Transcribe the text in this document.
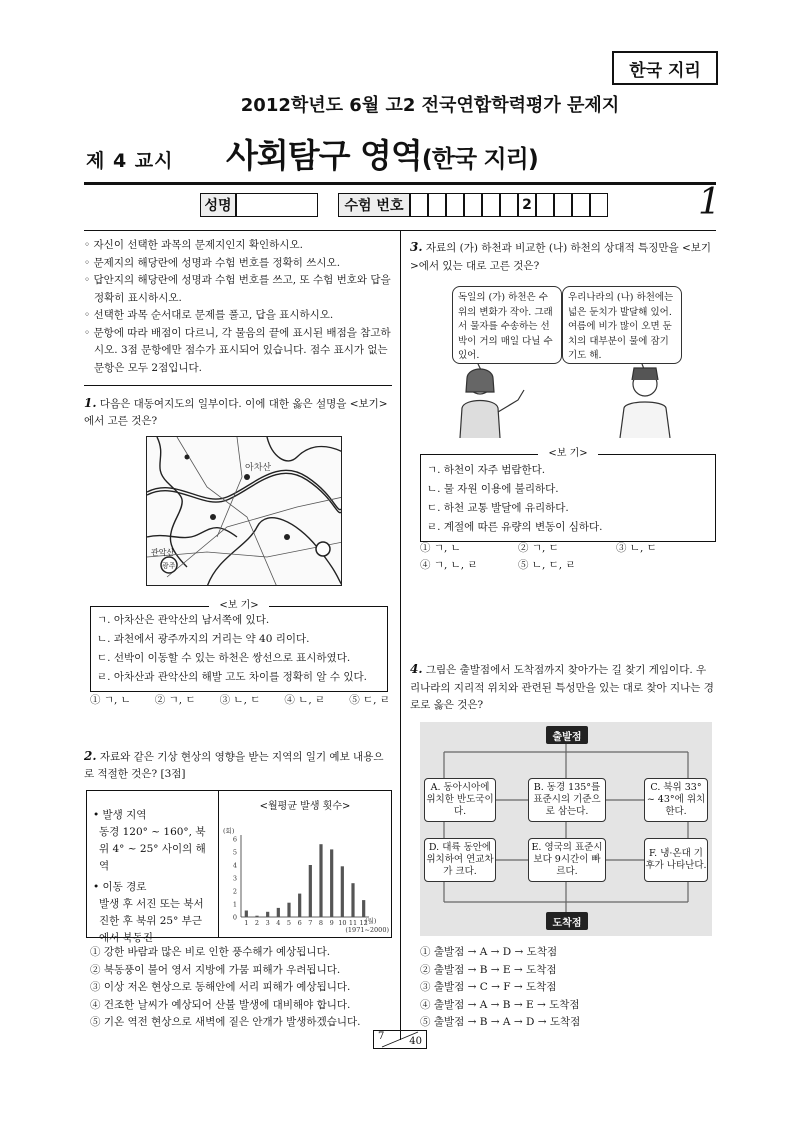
한국 지리
2012학년도 6월 고2 전국연합학력평가 문제지
제 4 교시 사회탐구 영역(한국 지리)
성명	수험 번호	2	1
◦ 자신이 선택한 과목의 문제지인지 확인하시오.
◦ 문제지의 해당란에 성명과 수험 번호를 정확히 쓰시오.
◦ 답안지의 해당란에 성명과 수험 번호를 쓰고, 또 수험 번호와 답을 정확히 표시하시오.
◦ 선택한 과목 순서대로 문제를 풀고, 답을 표시하시오.
◦ 문항에 따라 배점이 다르니, 각 물음의 끝에 표시된 배점을 참고하시오. 3점 문항에만 점수가 표시되어 있습니다. 점수 표시가 없는 문항은 모두 2점입니다.
1. 다음은 대동여지도의 일부이다. 이에 대한 옳은 설명을 <보기>에서 고른 것은?
아차산
관악산
광주
<보 기>

ㄱ. 아차산은 관악산의 남서쪽에 있다.

ㄴ. 과천에서 광주까지의 거리는 약 40 리이다.

ㄷ. 선박이 이동할 수 있는 하천은 쌍선으로 표시하였다.

ㄹ. 아차산과 관악산의 해발 고도 차이를 정확히 알 수 있다.

① ㄱ, ㄴ ② ㄱ, ㄷ ③ ㄴ, ㄷ ④ ㄴ, ㄹ ⑤ ㄷ, ㄹ
2. 자료와 같은 기상 현상의 영향을 받는 지역의 일기 예보 내용으로 적절한 것은? [3점]
• 발생 지역
동경 120° ~ 160°, 북위 4° ~ 25° 사이의 해역
• 이동 경로
발생 후 서진 또는 북서진한 후 북위 25° 부근에서 북동진
<월평균 발생 횟수>
(회)
(월)
(1971~2000)
0
1
2
3
4
5
6
1 2 3 4 5 6 7 8 9 10 11 12
① 강한 바람과 많은 비로 인한 풍수해가 예상됩니다.
② 북동풍이 불어 영서 지방에 가뭄 피해가 우려됩니다.
③ 이상 저온 현상으로 동해안에 서리 피해가 예상됩니다.
④ 건조한 날씨가 예상되어 산불 발생에 대비해야 합니다.
⑤ 기온 역전 현상으로 새벽에 짙은 안개가 발생하겠습니다.
3. 자료의 (가) 하천과 비교한 (나) 하천의 상대적 특징만을 <보기>에서 있는 대로 고른 것은?
독일의 (가) 하천은 수위의 변화가 작아. 그래서 물자를 수송하는 선박이 거의 매일 다닐 수 있어.
우리나라의 (나) 하천에는 넓은 둔치가 발달해 있어. 여름에 비가 많이 오면 둔치의 대부분이 물에 잠기기도 해.
<보 기>

ㄱ. 하천이 자주 범람한다.

ㄴ. 물 자원 이용에 불리하다.

ㄷ. 하천 교통 발달에 유리하다.

ㄹ. 계절에 따른 유량의 변동이 심하다.

① ㄱ, ㄴ	② ㄱ, ㄷ	③ ㄴ, ㄷ
④ ㄱ, ㄴ, ㄹ	⑤ ㄴ, ㄷ, ㄹ
4. 그림은 출발점에서 도착점까지 찾아가는 길 찾기 게임이다. 우리나라의 지리적 위치와 관련된 특성만을 있는 대로 찾아 지나는 경로로 옳은 것은?
출발점
A. 동아시아에 위치한 반도국이다.
B. 동경 135°를 표준시의 기준으로 삼는다.
C. 북위 33° ~ 43°에 위치한다.
D. 대륙 동안에 위치하여 연교차가 크다.
E. 영국의 표준시보다 9시간이 빠르다.
F. 냉·온대 기후가 나타난다.
도착점
① 출발점 → A → D → 도착점
② 출발점 → B → E → 도착점
③ 출발점 → C → F → 도착점
④ 출발점 → A → B → E → 도착점
⑤ 출발점 → B → A → D → 도착점
7 40
